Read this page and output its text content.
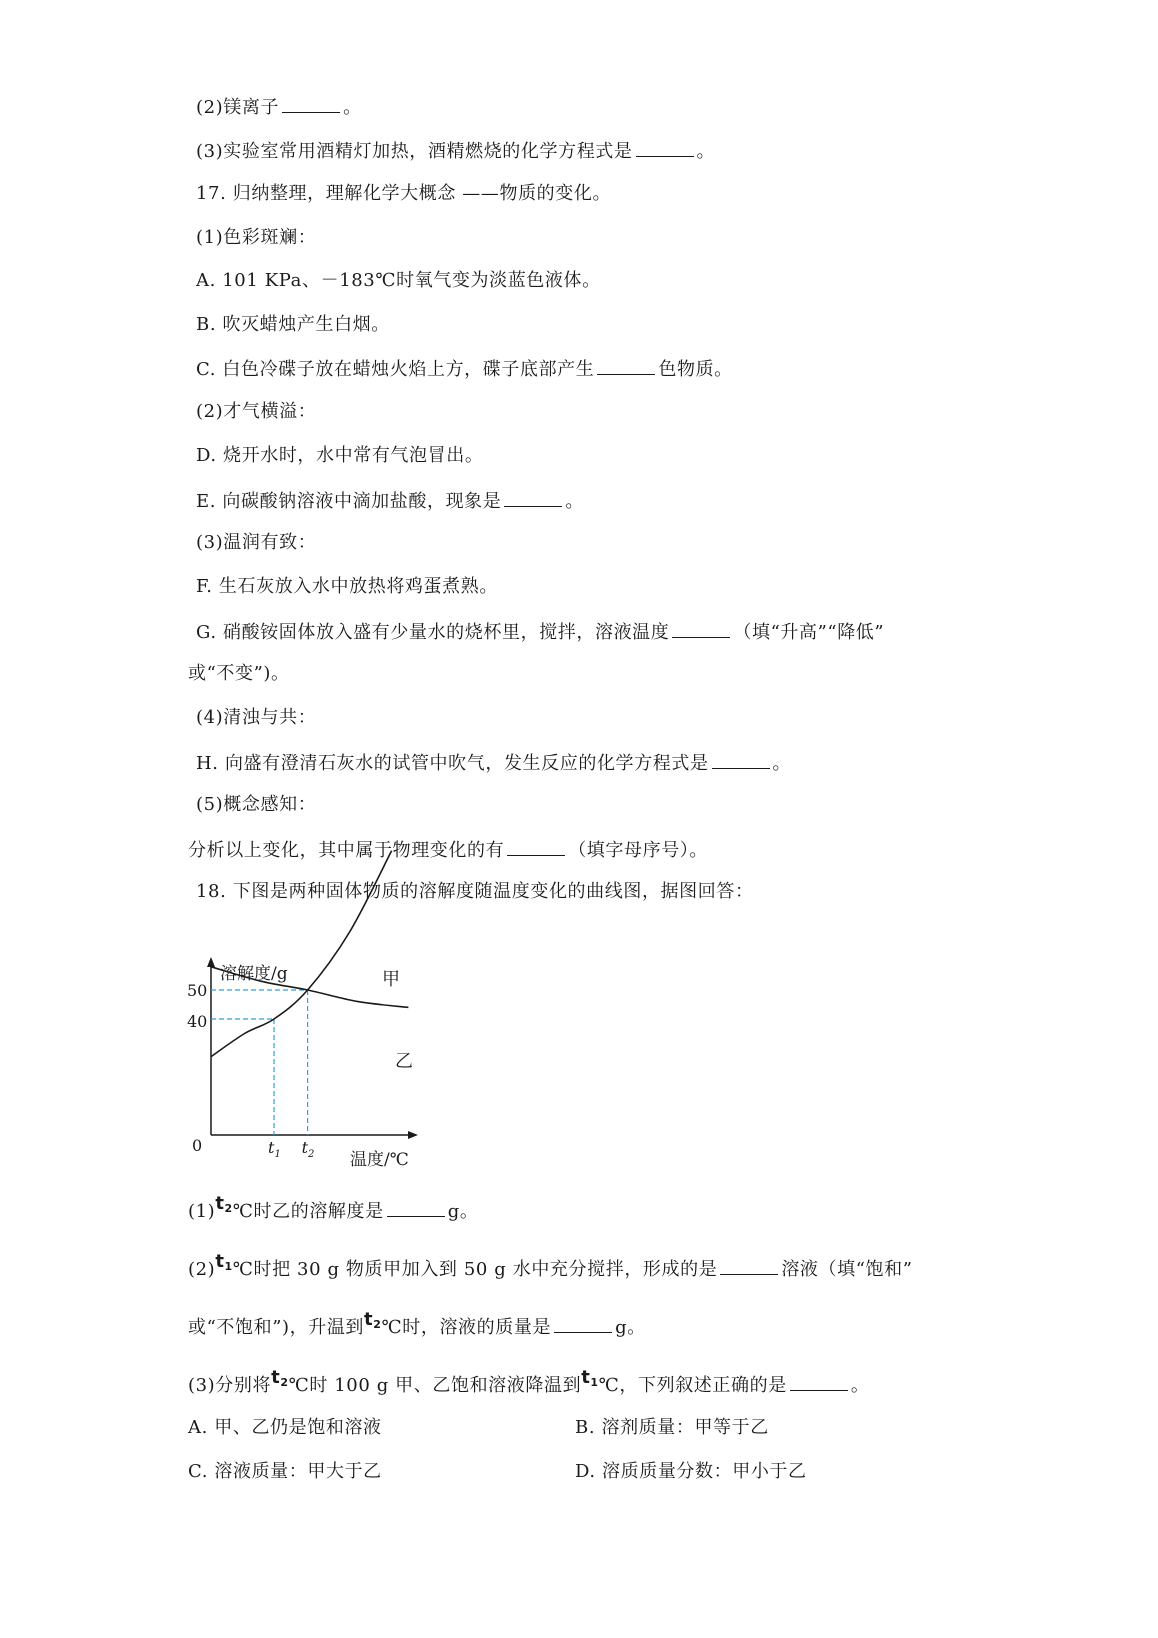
(2)镁离子	。
(3)实验室常用酒精灯加热，酒精燃烧的化学方程式是	。
17. 归纳整理，理解化学大概念 ——物质的变化。
(1)色彩斑斓：
A. 101 KPa、－183℃时氧气变为淡蓝色液体。
B. 吹灭蜡烛产生白烟。
C. 白色冷碟子放在蜡烛火焰上方，碟子底部产生	色物质。
(2)才气横溢：
D. 烧开水时，水中常有气泡冒出。
E. 向碳酸钠溶液中滴加盐酸，现象是	。
(3)温润有致：
F. 生石灰放入水中放热将鸡蛋煮熟。
G. 硝酸铵固体放入盛有少量水的烧杯里，搅拌，溶液温度	（填“升高”“降低”
或“不变”)。
(4)清浊与共：
H. 向盛有澄清石灰水的试管中吹气，发生反应的化学方程式是	。
(5)概念感知：
分析以上变化，其中属于物理变化的有	（填字母序号）。
18. 下图是两种固体物质的溶解度随温度变化的曲线图，据图回答：
溶解度/g
温度/℃
0
50
40
$t_1$ $t_2$
甲
乙
$(1)t_2℃$时乙的溶解度是	g。
$(2)t_1℃$时把 30 g 物质甲加入到 50 g 水中充分搅拌，形成的是	溶液（填“饱和”
或“不饱和”)，升温到$t_2℃$时，溶液的质量是	g。
(3)分别将$t_2℃$时 100 g 甲、乙饱和溶液降温到$t_1℃$，下列叙述正确的是	。
A. 甲、乙仍是饱和溶液	B. 溶剂质量：甲等于乙
C. 溶液质量：甲大于乙	D. 溶质质量分数：甲小于乙
